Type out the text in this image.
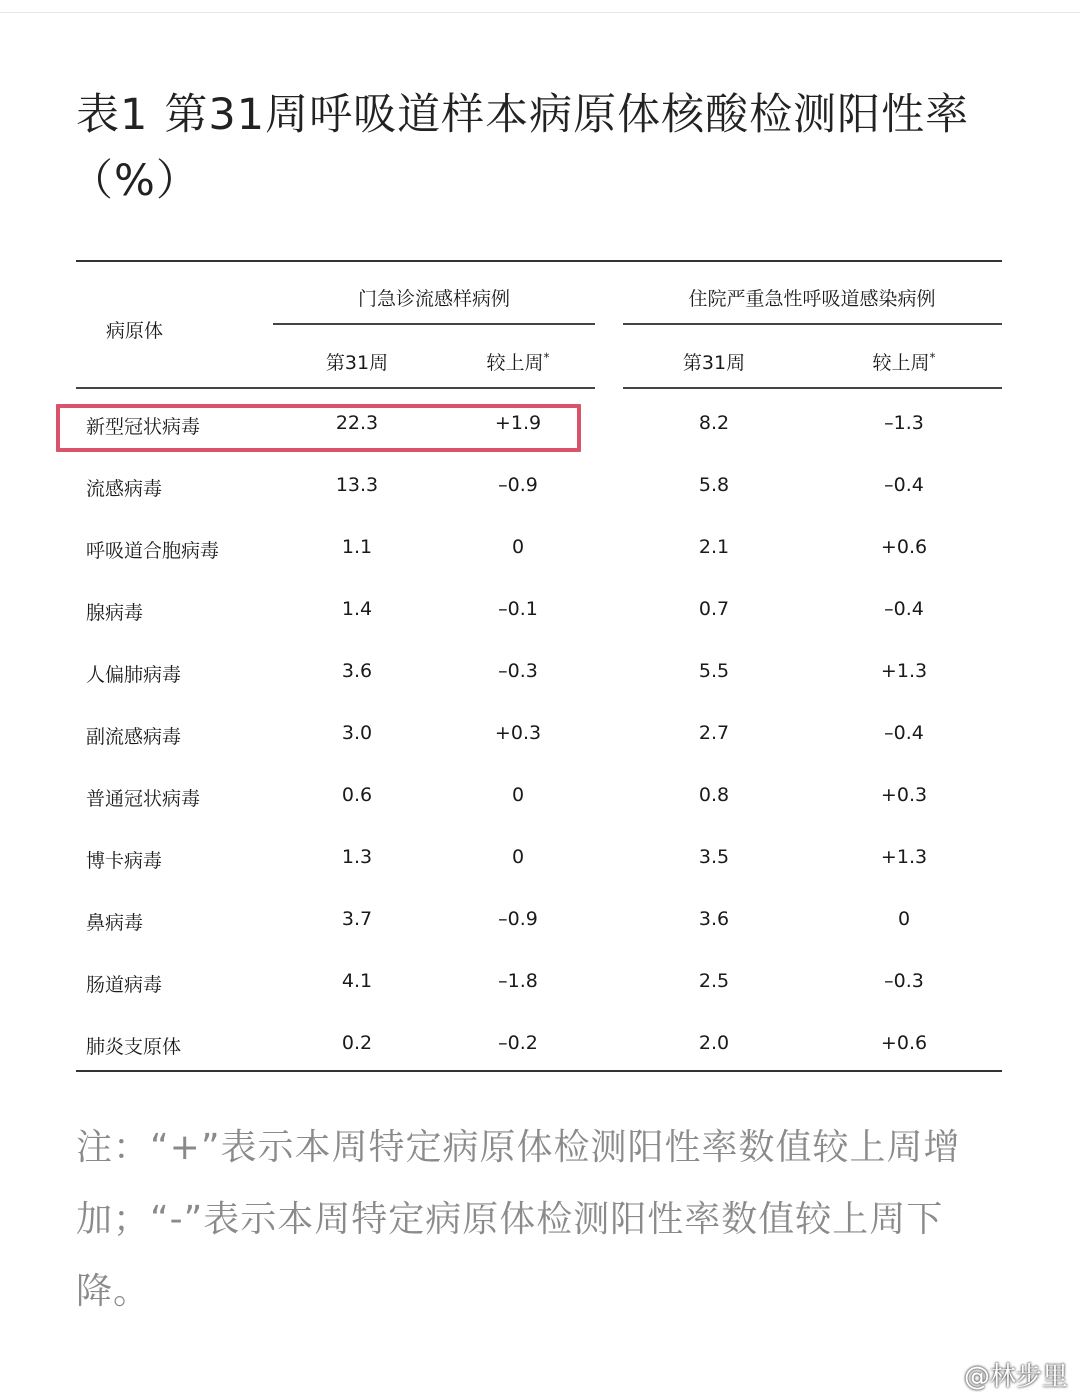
表1 第31周呼吸道样本病原体核酸检测阳性率
（%）
病原体
门急诊流感样病例	住院严重急性呼吸道感染病例
第31周	较上周*	第31周	较上周*
新型冠状病毒	22.3	+1.9	8.2	–1.3
流感病毒	13.3	–0.9	5.8	–0.4
呼吸道合胞病毒	1.1	0	2.1	+0.6
腺病毒	1.4	–0.1	0.7	–0.4
人偏肺病毒	3.6	–0.3	5.5	+1.3
副流感病毒	3.0	+0.3	2.7	–0.4
普通冠状病毒	0.6	0	0.8	+0.3
博卡病毒	1.3	0	3.5	+1.3
鼻病毒	3.7	–0.9	3.6	0
肠道病毒	4.1	–1.8	2.5	–0.3
肺炎支原体	0.2	–0.2	2.0	+0.6
注：“+”表示本周特定病原体检测阳性率数值较上周增加；“-”表示本周特定病原体检测阳性率数值较上周下降。
@林步里
